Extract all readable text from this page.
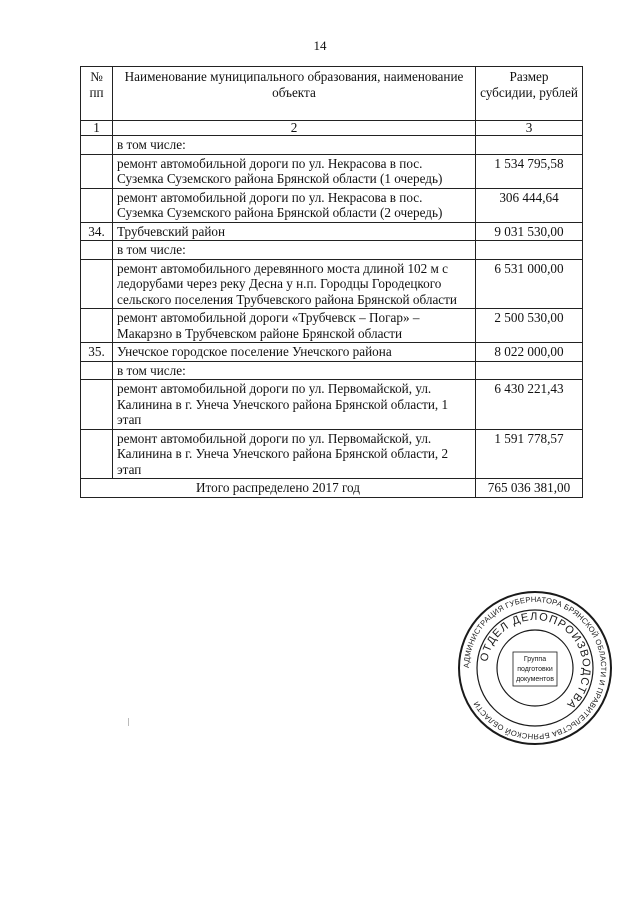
14
№ пп	Наименование муниципального образования, наименование объекта	Размер субсидии, рублей
1	2	3
	в том числе:	
	ремонт автомобильной дороги по ул. Некрасова в пос. Суземка Суземского района Брянской области (1 очередь)	1 534 795,58
	ремонт автомобильной дороги по ул. Некрасова в пос. Суземка Суземского района Брянской области (2 очередь)	306 444,64
34.	Трубчевский район	9 031 530,00
	в том числе:	
	ремонт автомобильного деревянного моста длиной 102 м с ледорубами через реку Десна у н.п. Городцы Городецкого сельского поселения Трубчевского района Брянской области	6 531 000,00
	ремонт автомобильной дороги «Трубчевск – Погар» – Макарзно в Трубчевском районе Брянской области	2 500 530,00
35.	Унечское городское поселение Унечского района	8 022 000,00
	в том числе:	
	ремонт автомобильной дороги по ул. Первомайской, ул. Калинина в г. Унеча Унечского района Брянской области, 1 этап	6 430 221,43
	ремонт автомобильной дороги по ул. Первомайской, ул. Калинина в г. Унеча Унечского района Брянской области, 2 этап	1 591 778,57
Итого распределено 2017 год		765 036 381,00
АДМИНИСТРАЦИЯ ГУБЕРНАТОРА БРЯНСКОЙ ОБЛАСТИ И ПРАВИТЕЛЬСТВА БРЯНСКОЙ ОБЛАСТИ
ОТДЕЛ ДЕЛОПРОИЗВОДСТВА
Группа
подготовки
документов
